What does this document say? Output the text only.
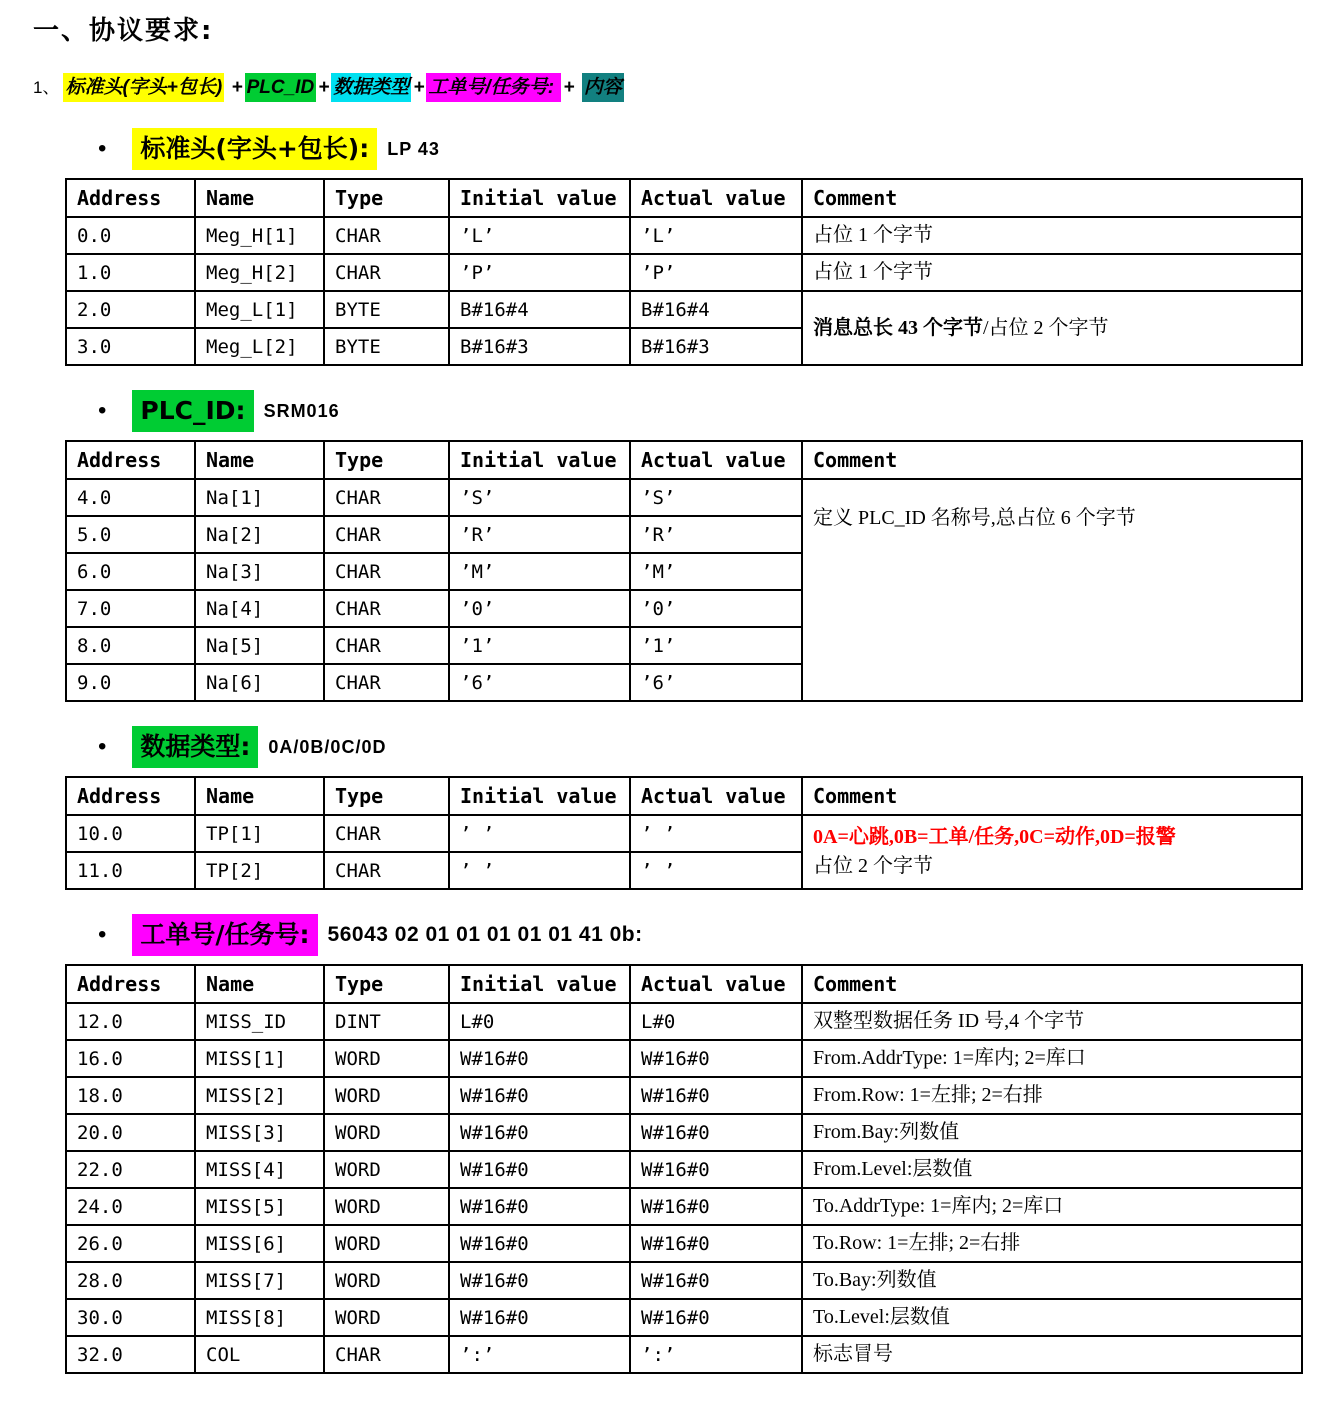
一、协议要求:
1、 标准头(字头+包长) + PLC_ID + 数据类型 + 工单号/任务号: + 内容
•	标准头(字头+包长):	LP 43
Address	Name	Type	Initial value	Actual value	Comment
0.0	Meg_H[1]	CHAR	’L’	’L’	占位 1 个字节
1.0	Meg_H[2]	CHAR	’P’	’P’	占位 1 个字节
2.0	Meg_L[1]	BYTE	B#16#4	B#16#4	消息总长 43 个字节/占位 2 个字节
3.0	Meg_L[2]	BYTE	B#16#3	B#16#3	
•	PLC_ID:	SRM016
Address	Name	Type	Initial value	Actual value	Comment
4.0	Na[1]	CHAR	’S’	’S’	定义 PLC_ID 名称号,总占位 6 个字节
5.0	Na[2]	CHAR	’R’	’R’	
6.0	Na[3]	CHAR	’M’	’M’	
7.0	Na[4]	CHAR	’0’	’0’	
8.0	Na[5]	CHAR	’1’	’1’	
9.0	Na[6]	CHAR	’6’	’6’	
•	数据类型:	0A/0B/0C/0D
Address	Name	Type	Initial value	Actual value	Comment
10.0	TP[1]	CHAR	’ ’	’ ’	0A=心跳,0B=工单/任务,0C=动作,0D=报警
占位 2 个字节
11.0	TP[2]	CHAR	’ ’	’ ’	
•	工单号/任务号: 56043 02 01 01 01 01 01 41 0b:
Address	Name	Type	Initial value	Actual value	Comment
12.0	MISS_ID	DINT	L#0	L#0	双整型数据任务 ID 号,4 个字节
16.0	MISS[1]	WORD	W#16#0	W#16#0	From.AddrType: 1=库内; 2=库口
18.0	MISS[2]	WORD	W#16#0	W#16#0	From.Row: 1=左排; 2=右排
20.0	MISS[3]	WORD	W#16#0	W#16#0	From.Bay:列数值
22.0	MISS[4]	WORD	W#16#0	W#16#0	From.Level:层数值
24.0	MISS[5]	WORD	W#16#0	W#16#0	To.AddrType: 1=库内; 2=库口
26.0	MISS[6]	WORD	W#16#0	W#16#0	To.Row: 1=左排; 2=右排
28.0	MISS[7]	WORD	W#16#0	W#16#0	To.Bay:列数值
30.0	MISS[8]	WORD	W#16#0	W#16#0	To.Level:层数值
32.0	COL	CHAR	’:’	’:’	标志冒号
